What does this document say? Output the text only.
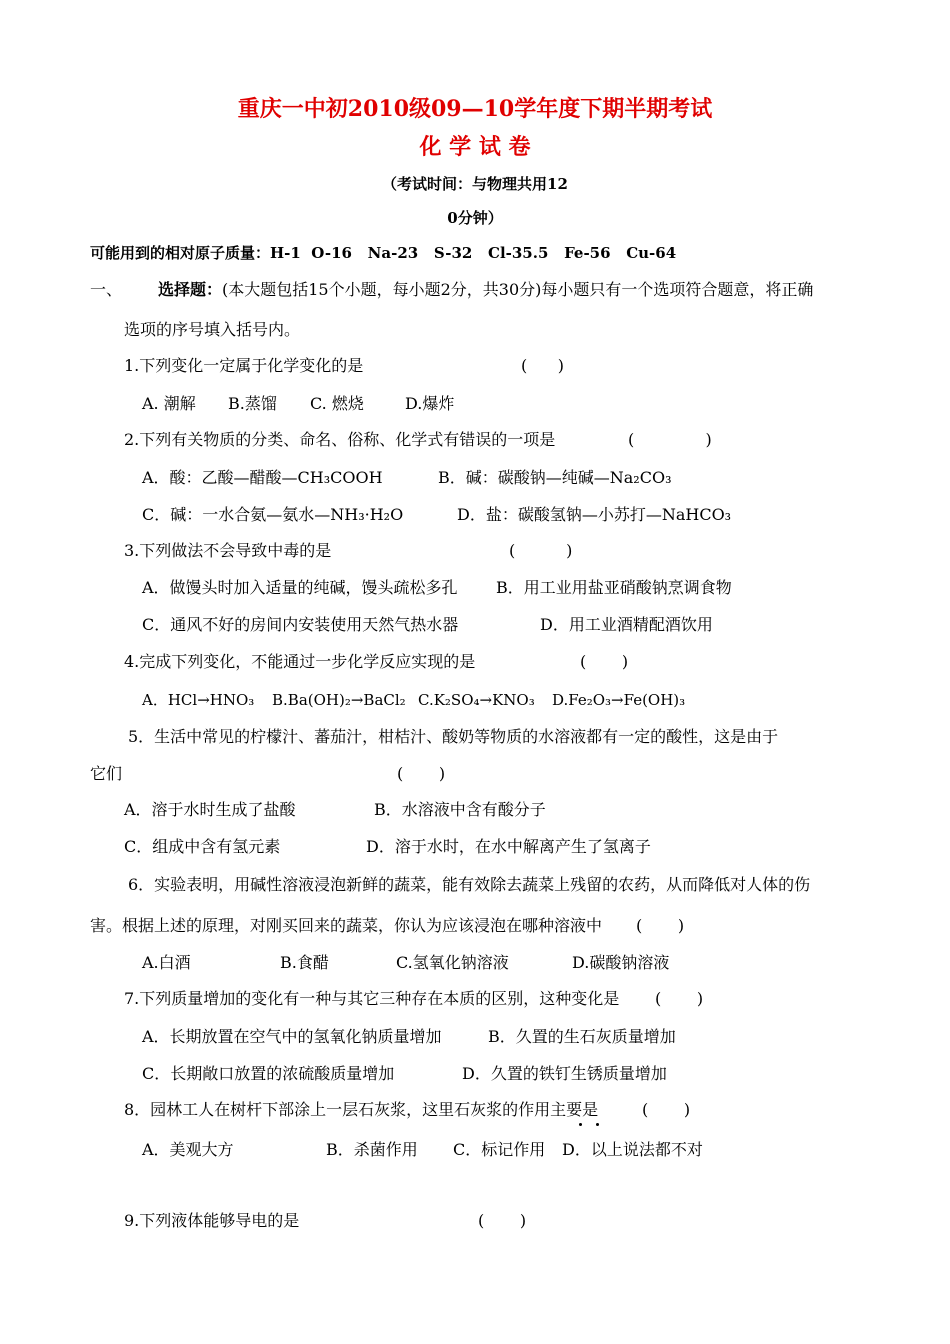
重庆一中初2010级09—10学年度下期半期考试
化 学 试 卷
（考试时间：与物理共用12
0分钟）
可能用到的相对原子质量：H-1  O-16   Na-23   S-32   Cl-35.5   Fe-56   Cu-64
一、 选择题： (本大题包括15个小题，每小题2分，共30分)每小题只有一个选项符合题意，将正确
选项的序号填入括号内。
1.下列变化一定属于化学变化的是	(      )
A. 潮解 B.蒸馏 C. 燃烧	D.爆炸
2.下列有关物质的分类、命名、俗称、化学式有错误的一项是	(              )
A．酸：乙酸—醋酸—CH₃COOH	B．碱：碳酸钠—纯碱—Na₂CO₃
C．碱：一水合氨—氨水—NH₃·H₂O	D．盐：碳酸氢钠—小苏打—NaHCO₃
3.下列做法不会导致中毒的是	(          )
A．做馒头时加入适量的纯碱，馒头疏松多孔 B．用工业用盐亚硝酸钠烹调食物
C．通风不好的房间内安装使用天然气热水器	D．用工业酒精配酒饮用
4.完成下列变化，不能通过一步化学反应实现的是	(       )
A．HCl→HNO₃ B.Ba(OH)₂→BaCl₂ C.K₂SO₄→KNO₃ D.Fe₂O₃→Fe(OH)₃
5．生活中常见的柠檬汁、蕃茄汁，柑桔汁、酸奶等物质的水溶液都有一定的酸性，这是由于
它们	(       )
A．溶于水时生成了盐酸	B．水溶液中含有酸分子
C．组成中含有氢元素	D．溶于水时，在水中解离产生了氢离子
6．实验表明，用碱性溶液浸泡新鲜的蔬菜，能有效除去蔬菜上残留的农药，从而降低对人体的伤
害。根据上述的原理，对刚买回来的蔬菜，你认为应该浸泡在哪种溶液中 (       )
A.白酒	B.食醋	C.氢氧化钠溶液	D.碳酸钠溶液
7.下列质量增加的变化有一种与其它三种存在本质的区别，这种变化是 (       )
A．长期放置在空气中的氢氧化钠质量增加	B．久置的生石灰质量增加
C．长期敞口放置的浓硫酸质量增加	D．久置的铁钉生锈质量增加
8．园林工人在树杆下部涂上一层石灰浆，这里石灰浆的作用主要是	(       )
A．美观大方	B．杀菌作用 C．标记作用 D．以上说法都不对
9.下列液体能够导电的是	(       )
